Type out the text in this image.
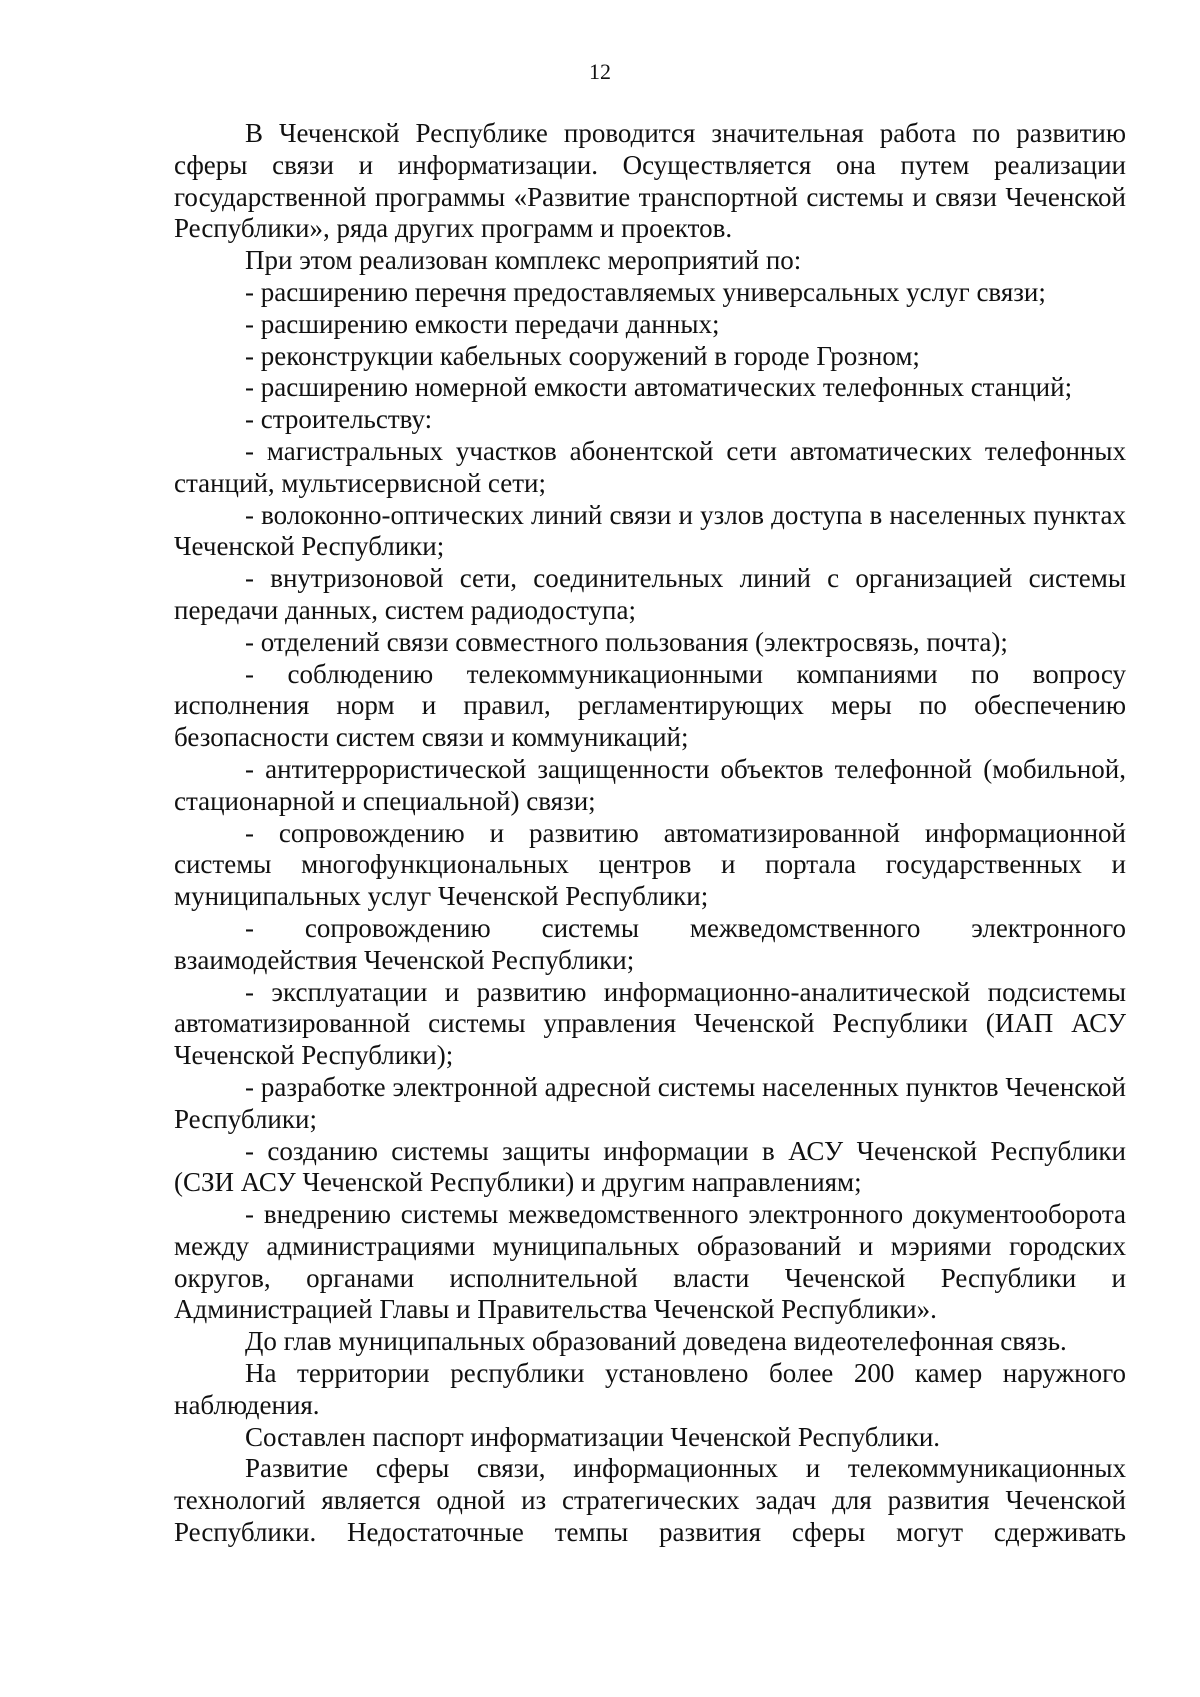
12

В Чеченской Республике проводится значительная работа по развитию сферы связи и информатизации. Осуществляется она путем реализации государственной программы «Развитие транспортной системы и связи Чеченской Республики», ряда других программ и проектов.

При этом реализован комплекс мероприятий по:

- расширению перечня предоставляемых универсальных услуг связи;

- расширению емкости передачи данных;

- реконструкции кабельных сооружений в городе Грозном;

- расширению номерной емкости автоматических телефонных станций;

- строительству:

- магистральных участков абонентской сети автоматических телефонных станций, мультисервисной сети;

- волоконно-оптических линий связи и узлов доступа в населенных пунктах Чеченской Республики;

- внутризоновой сети, соединительных линий с организацией системы передачи данных, систем радиодоступа;

- отделений связи совместного пользования (электросвязь, почта);

- соблюдению телекоммуникационными компаниями по вопросу исполнения норм и правил, регламентирующих меры по обеспечению безопасности систем связи и коммуникаций;

- антитеррористической защищенности объектов телефонной (мобильной, стационарной и специальной) связи;

- сопровождению и развитию автоматизированной информационной системы многофункциональных центров и портала государственных и муниципальных услуг Чеченской Республики;

- сопровождению системы межведомственного электронного взаимодействия Чеченской Республики;

- эксплуатации и развитию информационно-аналитической подсистемы автоматизированной системы управления Чеченской Республики (ИАП АСУ Чеченской Республики);

- разработке электронной адресной системы населенных пунктов Чеченской Республики;

- созданию системы защиты информации в АСУ Чеченской Республики (СЗИ АСУ Чеченской Республики) и другим направлениям;

- внедрению системы межведомственного электронного документооборота между администрациями муниципальных образований и мэриями городских округов, органами исполнительной власти Чеченской Республики и Администрацией Главы и Правительства Чеченской Республики».

До глав муниципальных образований доведена видеотелефонная связь.

На территории республики установлено более 200 камер наружного наблюдения.

Составлен паспорт информатизации Чеченской Республики.

Развитие сферы связи, информационных и телекоммуникационных технологий является одной из стратегических задач для развития Чеченской Республики. Недостаточные темпы развития сферы могут сдерживать
